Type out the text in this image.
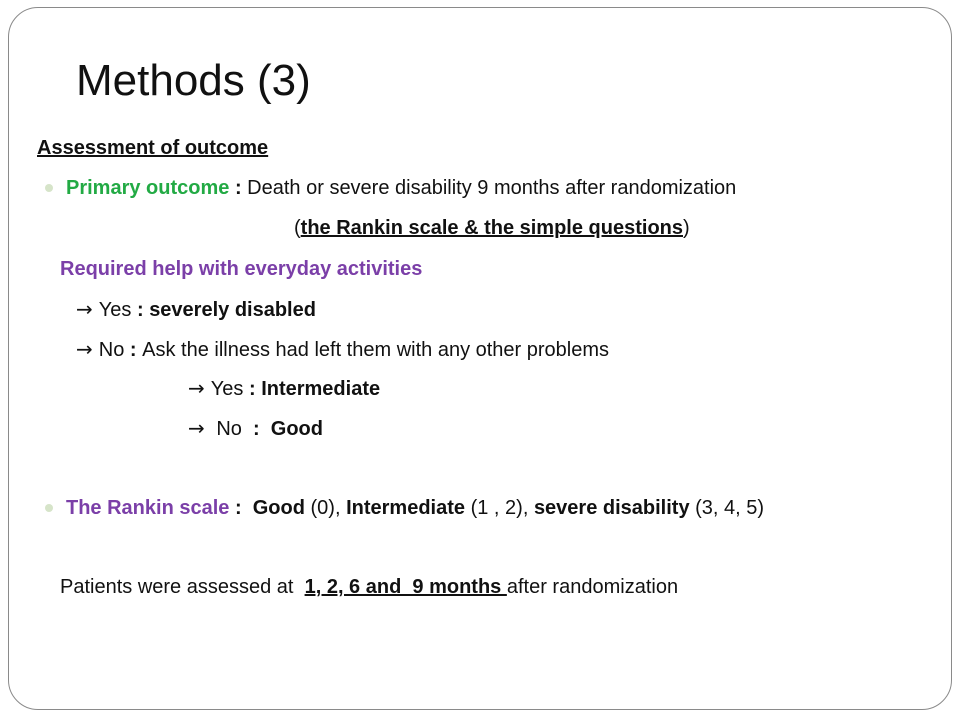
Methods (3)
Assessment of outcome
Primary outcome : Death or severe disability 9 months after randomization
(the Rankin scale & the simple questions)
Required help with everyday activities
→ Yes : severely disabled
→ No : Ask the illness had left them with any other problems
→ Yes : Intermediate
→ No  :  Good
The Rankin scale :  Good (0), Intermediate (1 , 2), severe disability (3, 4, 5)
Patients were assessed at  1, 2, 6 and  9 months after randomization
